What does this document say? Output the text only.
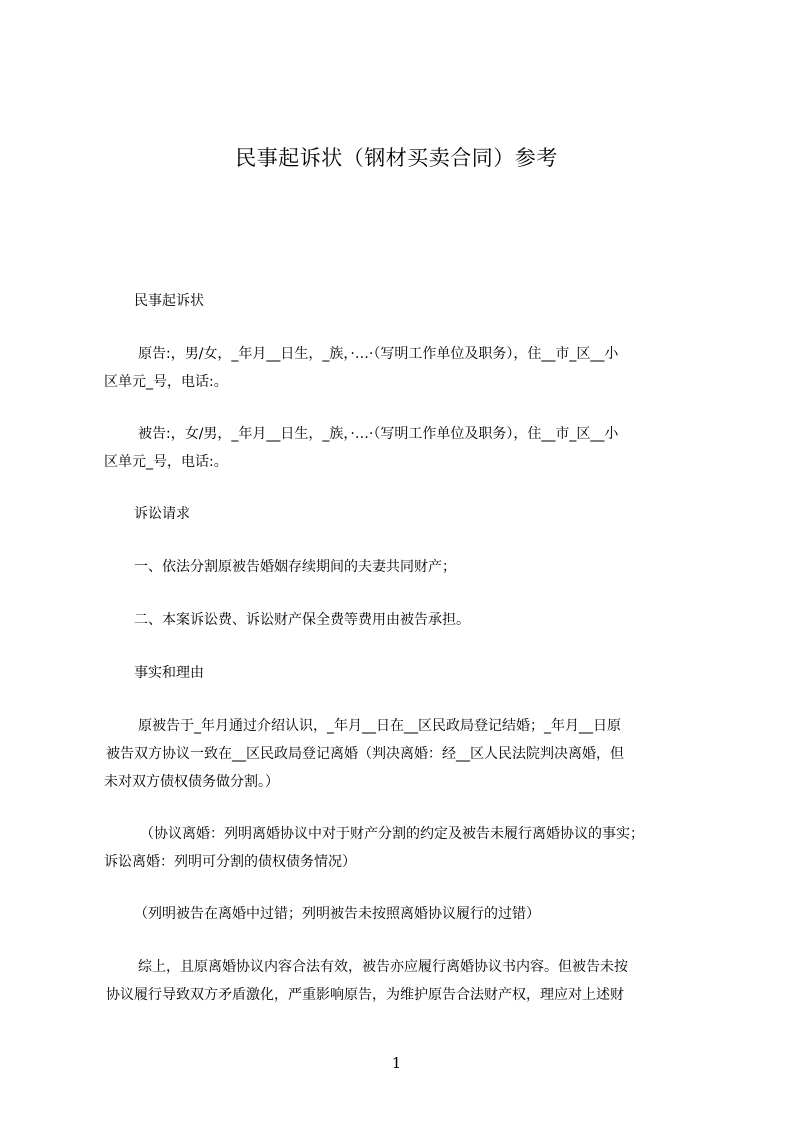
民事起诉状（钢材买卖合同）参考
民事起诉状
原告:，男/女，_年月__日生，_族，·…·（写明工作单位及职务），住__市_区__小
区单元_号，电话:。
被告:，女/男，_年月__日生，_族，·…·（写明工作单位及职务），住__市_区__小
区单元_号，电话:。
诉讼请求
一、依法分割原被告婚姻存续期间的夫妻共同财产；
二、本案诉讼费、诉讼财产保全费等费用由被告承担。
事实和理由
原被告于_年月通过介绍认识，_年月__日在__区民政局登记结婚；_年月__日原
被告双方协议一致在__区民政局登记离婚（判决离婚：经__区人民法院判决离婚，但
未对双方债权债务做分割。）
（协议离婚：列明离婚协议中对于财产分割的约定及被告未履行离婚协议的事实；
诉讼离婚：列明可分割的债权债务情况）
（列明被告在离婚中过错；列明被告未按照离婚协议履行的过错）
综上，且原离婚协议内容合法有效，被告亦应履行离婚协议书内容。但被告未按
协议履行导致双方矛盾激化，严重影响原告，为维护原告合法财产权，理应对上述财
1
